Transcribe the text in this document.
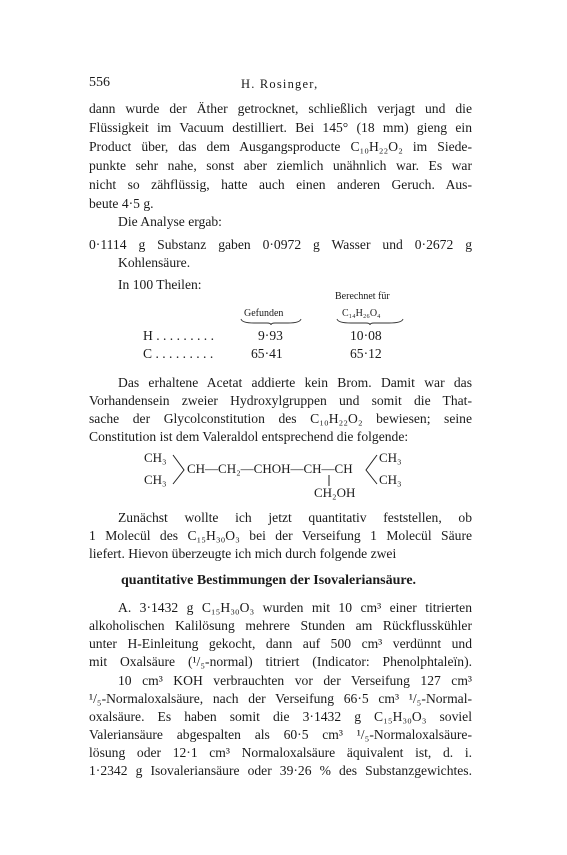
556	H. Rosinger,
dann wurde der Äther getrocknet, schließlich verjagt und die
Flüssigkeit im Vacuum destilliert. Bei 145° (18 mm) gieng ein
Product über, das dem Ausgangsproducte C₁₀H₂₂O₂ im Siede-
punkte sehr nahe, sonst aber ziemlich unähnlich war. Es war
nicht so zähflüssig, hatte auch einen anderen Geruch. Aus-
beute 4·5 g.
Die Analyse ergab:
0·1114 g Substanz gaben 0·0972 g Wasser und 0·2672 g
Kohlensäure.
In 100 Theilen:
Berechnet für
Gefunden	C₁₄H₂₆O₄
H . . . . . . . . .	9·93	10·08
C . . . . . . . . .	65·41	65·12
Das erhaltene Acetat addierte kein Brom. Damit war das
Vorhandensein zweier Hydroxylgruppen und somit die That-
sache der Glycolconstitution des C₁₀H₂₂O₂ bewiesen; seine
Constitution ist dem Valeraldol entsprechend die folgende:
CH₃
CH₃
CH—CH₂—CHOH—CH—CH
CH₃
CH₃
CH₂OH
Zunächst wollte ich jetzt quantitativ feststellen, ob
1 Molecül des C₁₅H₃₀O₃ bei der Verseifung 1 Molecül Säure
liefert. Hievon überzeugte ich mich durch folgende zwei
quantitative Bestimmungen der Isovaleriansäure.
A. 3·1432 g C₁₅H₃₀O₃ wurden mit 10 cm³ einer titrierten
alkoholischen Kalilösung mehrere Stunden am Rückflusskühler
unter H-Einleitung gekocht, dann auf 500 cm³ verdünnt und
mit Oxalsäure (¹/₅-normal) titriert (Indicator: Phenolphtaleïn).
10 cm³ KOH verbrauchten vor der Verseifung 127 cm³
¹/₅-Normaloxalsäure, nach der Verseifung 66·5 cm³ ¹/₅-Normal-
oxalsäure. Es haben somit die 3·1432 g C₁₅H₃₀O₃ soviel
Valeriansäure abgespalten als 60·5 cm³ ¹/₅-Normaloxalsäure-
lösung oder 12·1 cm³ Normaloxalsäure äquivalent ist, d. i.
1·2342 g Isovaleriansäure oder 39·26 % des Substanzgewichtes.
